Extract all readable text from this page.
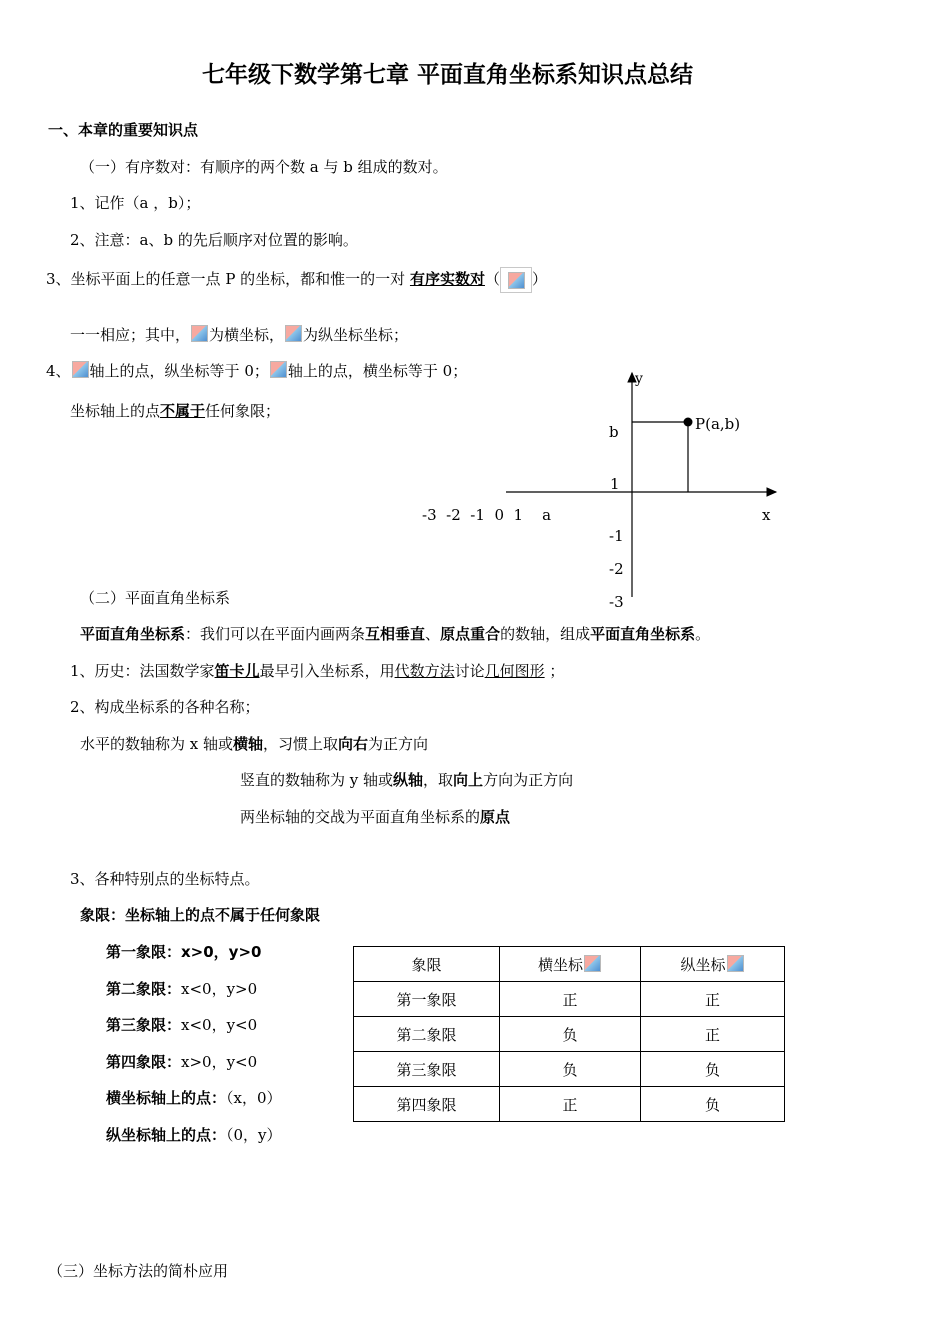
七年级下数学第七章 平面直角坐标系知识点总结
一、本章的重要知识点
（一）有序数对：有顺序的两个数 a 与 b 组成的数对。
1、记作（a ，b）；
2、注意：a、b 的先后顺序对位置的影响。
3、坐标平面上的任意一点 P 的坐标，都和惟一的一对 有序实数对（ ）
一一相应；其中， 为横坐标， 为纵坐标坐标；
4、 轴上的点，纵坐标等于 0； 轴上的点，横坐标等于 0；
坐标轴上的点不属于任何象限；
y
P(a,b)
b
1
-3  -2  -1  0  1    a	x
-1
-2
-3
（二）平面直角坐标系
平面直角坐标系：我们可以在平面内画两条互相垂直、原点重合的数轴，组成平面直角坐标系。
1、历史：法国数学家笛卡儿最早引入坐标系，用代数方法讨论几何图形 ；
2、构成坐标系的各种名称；
水平的数轴称为 x 轴或横轴，习惯上取向右为正方向
竖直的数轴称为 y 轴或纵轴，取向上方向为正方向
两坐标轴的交战为平面直角坐标系的原点
3、各种特别点的坐标特点。
象限：坐标轴上的点不属于任何象限
第一象限：x>0，y>0
第二象限：x<0，y>0
第三象限：x<0，y<0
第四象限：x>0，y<0
横坐标轴上的点：（x，0）
纵坐标轴上的点：（0，y）
象限	横坐标	纵坐标
第一象限	正	正
第二象限	负	正
第三象限	负	负
第四象限	正	负
（三）坐标方法的简朴应用
